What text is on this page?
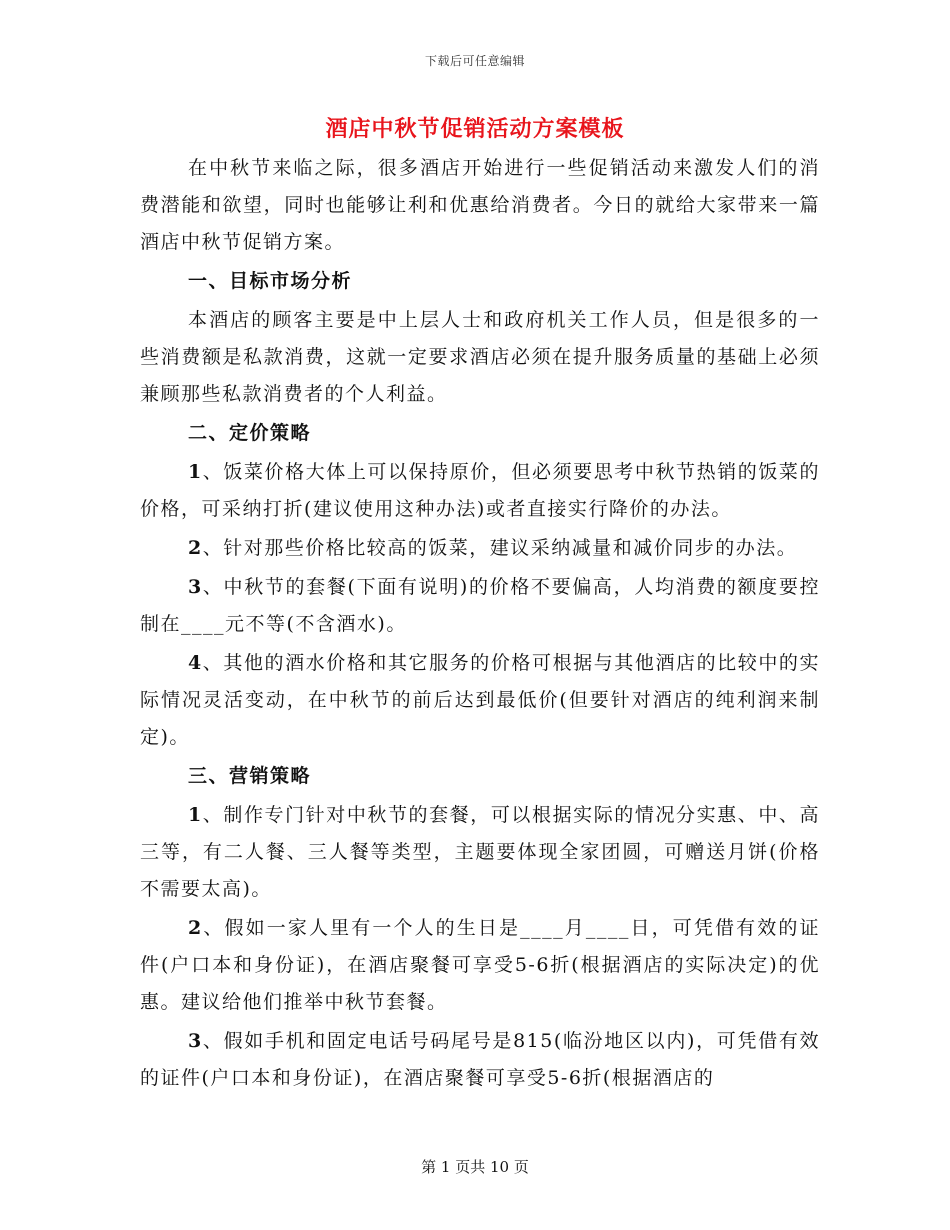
下载后可任意编辑
酒店中秋节促销活动方案模板

在中秋节来临之际，很多酒店开始进行一些促销活动来激发人们的消费潜能和欲望，同时也能够让利和优惠给消费者。今日的就给大家带来一篇酒店中秋节促销方案。

一、目标市场分析

本酒店的顾客主要是中上层人士和政府机关工作人员，但是很多的一些消费额是私款消费，这就一定要求酒店必须在提升服务质量的基础上必须兼顾那些私款消费者的个人利益。

二、定价策略

1、饭菜价格大体上可以保持原价，但必须要思考中秋节热销的饭菜的价格，可采纳打折(建议使用这种办法)或者直接实行降价的办法。

2、针对那些价格比较高的饭菜，建议采纳减量和减价同步的办法。

3、中秋节的套餐(下面有说明)的价格不要偏高，人均消费的额度要控制在____元不等(不含酒水)。

4、其他的酒水价格和其它服务的价格可根据与其他酒店的比较中的实际情况灵活变动，在中秋节的前后达到最低价(但要针对酒店的纯利润来制定)。

三、营销策略

1、制作专门针对中秋节的套餐，可以根据实际的情况分实惠、中、高三等，有二人餐、三人餐等类型，主题要体现全家团圆，可赠送月饼(价格不需要太高)。

2、假如一家人里有一个人的生日是____月____日，可凭借有效的证件(户口本和身份证)，在酒店聚餐可享受5-6折(根据酒店的实际决定)的优惠。建议给他们推举中秋节套餐。

3、假如手机和固定电话号码尾号是815(临汾地区以内)，可凭借有效的证件(户口本和身份证)，在酒店聚餐可享受5-6折(根据酒店的

第 1 页共 10 页
